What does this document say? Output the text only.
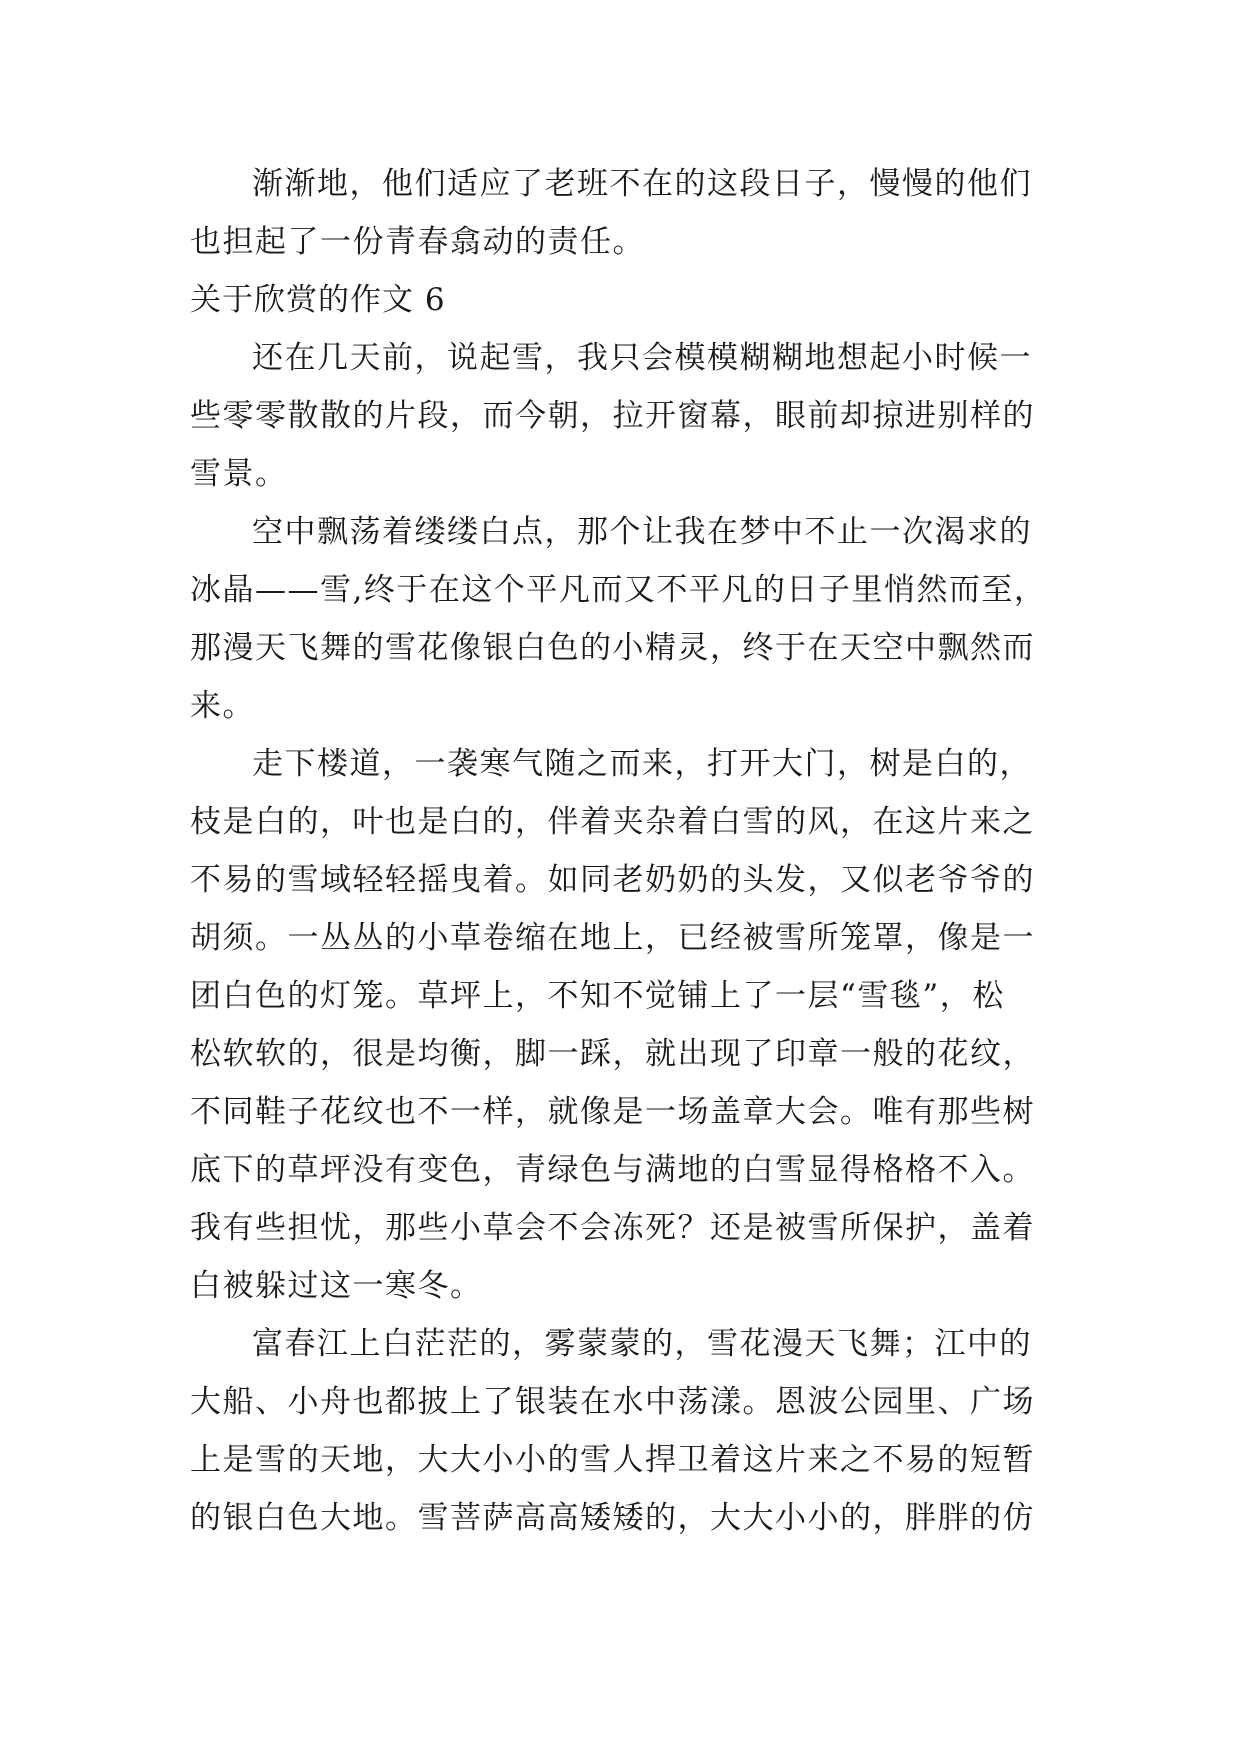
渐渐地，他们适应了老班不在的这段日子，慢慢的他们
也担起了一份青春翕动的责任。
关于欣赏的作文 6
还在几天前，说起雪，我只会模模糊糊地想起小时候一
些零零散散的片段，而今朝，拉开窗幕，眼前却掠进别样的
雪景。
空中飘荡着缕缕白点，那个让我在梦中不止一次渴求的
冰晶——雪,终于在这个平凡而又不平凡的日子里悄然而至，
那漫天飞舞的雪花像银白色的小精灵，终于在天空中飘然而
来。
走下楼道，一袭寒气随之而来，打开大门，树是白的，
枝是白的，叶也是白的，伴着夹杂着白雪的风，在这片来之
不易的雪域轻轻摇曳着。如同老奶奶的头发，又似老爷爷的
胡须。一丛丛的小草卷缩在地上，已经被雪所笼罩，像是一
团白色的灯笼。草坪上，不知不觉铺上了一层“雪毯”，松
松软软的，很是均衡，脚一踩，就出现了印章一般的花纹，
不同鞋子花纹也不一样，就像是一场盖章大会。唯有那些树
底下的草坪没有变色，青绿色与满地的白雪显得格格不入。
我有些担忧，那些小草会不会冻死？还是被雪所保护，盖着
白被躲过这一寒冬。
富春江上白茫茫的，雾蒙蒙的，雪花漫天飞舞；江中的
大船、小舟也都披上了银装在水中荡漾。恩波公园里、广场
上是雪的天地，大大小小的雪人捍卫着这片来之不易的短暂
的银白色大地。雪菩萨高高矮矮的，大大小小的，胖胖的仿
